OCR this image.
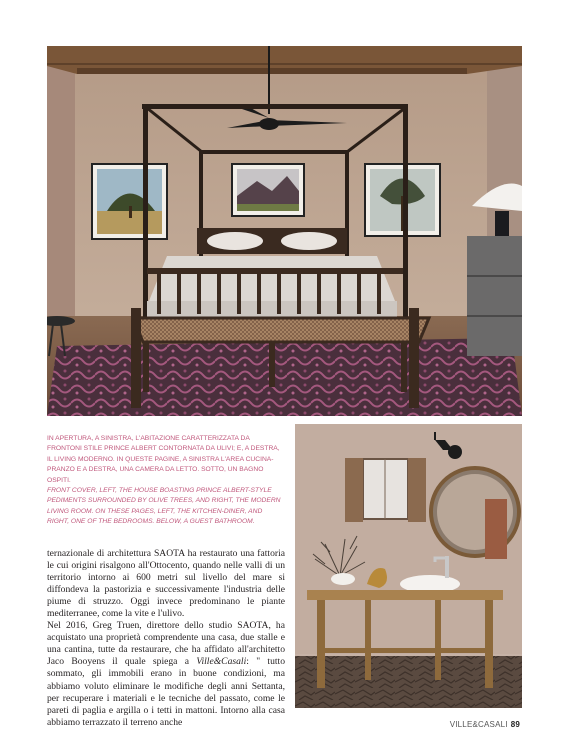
IN APERTURA, A SINISTRA, L'ABITAZIONE CARATTERIZZATA DA FRONTONI STILE PRINCE ALBERT CONTORNATA DA ULIVI; E, A DESTRA, IL LIVING MODERNO. IN QUESTE PAGINE, A SINISTRA L'AREA CUCINA-PRANZO E A DESTRA, UNA CAMERA DA LETTO. SOTTO, UN BAGNO OSPITI.

FRONT COVER, LEFT, THE HOUSE BOASTING PRINCE ALBERT-STYLE PEDIMENTS SURROUNDED BY OLIVE TREES, AND RIGHT, THE MODERN LIVING ROOM. ON THESE PAGES, LEFT, THE KITCHEN-DINER, AND RIGHT, ONE OF THE BEDROOMS. BELOW, A GUEST BATHROOM.

ternazionale di architettura SAOTA ha restaurato una fattoria le cui origini risalgono all'Ottocento, quando nelle valli di un territorio intorno ai 600 metri sul livello del mare si diffondeva la pastorizia e successivamente l'industria delle piume di struzzo. Oggi invece predominano le piante mediterranee, come la vite e l'ulivo.

Nel 2016, Greg Truen, direttore dello studio SAOTA, ha acquistato una proprietà comprendente una casa, due stalle e una cantina, tutte da restaurare, che ha affidato all'architetto Jaco Booyens il quale spiega a Ville&Casali: " tutto sommato, gli immobili erano in buone condizioni, ma abbiamo voluto eliminare le modifiche degli anni Settanta, per recuperare i materiali e le tecniche del passato, come le pareti di paglia e argilla o i tetti in mattoni. Intorno alla casa abbiamo terrazzato il terreno anche	VILLE&CASALI 89
